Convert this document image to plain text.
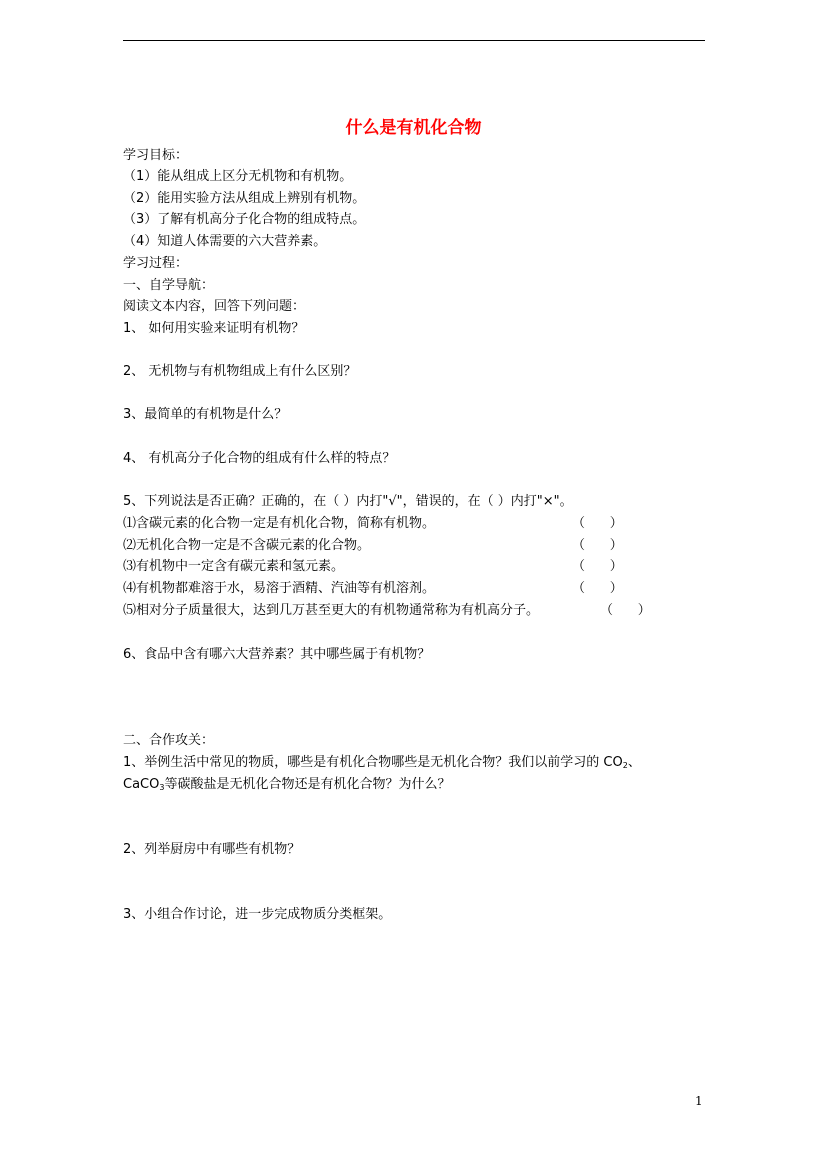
什么是有机化合物
学习目标：
（1）能从组成上区分无机物和有机物。
（2）能用实验方法从组成上辨别有机物。
（3）了解有机高分子化合物的组成特点。
（4）知道人体需要的六大营养素。
学习过程：
一、自学导航：
阅读文本内容，回答下列问题：
1、 如何用实验来证明有机物？
2、 无机物与有机物组成上有什么区别？
3、最简单的有机物是什么？
4、 有机高分子化合物的组成有什么样的特点？
5、下列说法是否正确？正确的，在（ ）内打"√"，错误的，在（ ）内打"×"。
⑴含碳元素的化合物一定是有机化合物，简称有机物。	（      ）
⑵无机化合物一定是不含碳元素的化合物。	（      ）
⑶有机物中一定含有碳元素和氢元素。	（      ）
⑷有机物都难溶于水，易溶于酒精、汽油等有机溶剂。	（      ）
⑸相对分子质量很大，达到几万甚至更大的有机物通常称为有机高分子。	（      ）
6、食品中含有哪六大营养素？其中哪些属于有机物？
二、合作攻关：
1、举例生活中常见的物质，哪些是有机化合物哪些是无机化合物？我们以前学习的 $CO_2$、
CaCO$_3$等碳酸盐是无机化合物还是有机化合物？为什么？
2、列举厨房中有哪些有机物？
3、小组合作讨论，进一步完成物质分类框架。
1
